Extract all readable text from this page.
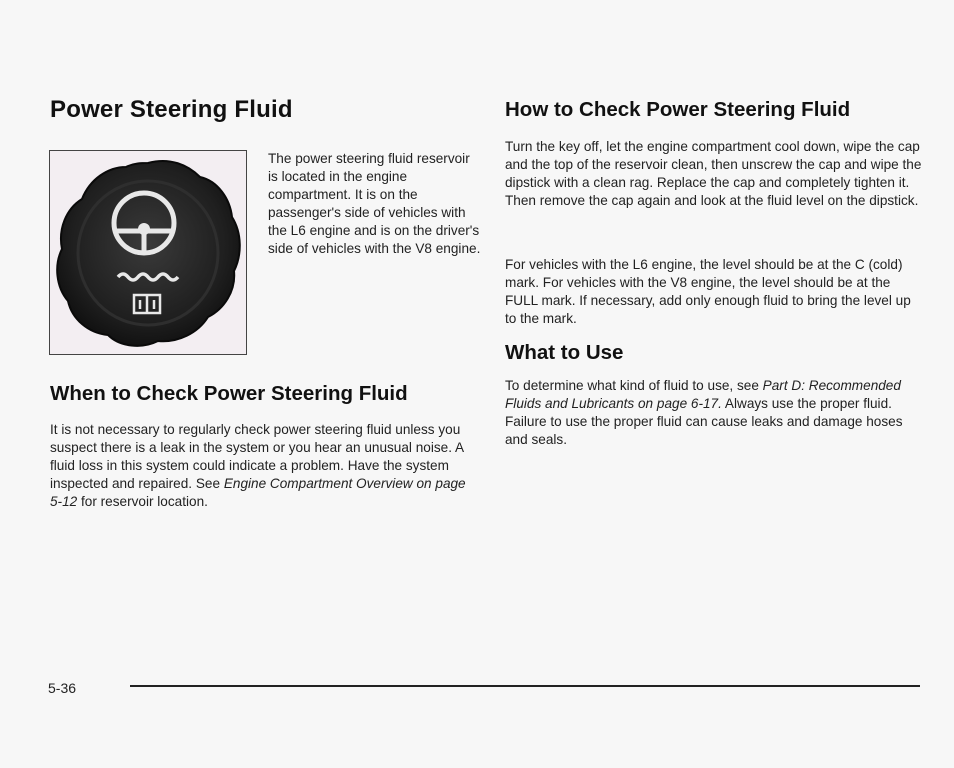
Power Steering Fluid

The power steering fluid reservoir is located in the engine compartment. It is on the passenger's side of vehicles with the L6 engine and is on the driver's side of vehicles with the V8 engine.

When to Check Power Steering Fluid

It is not necessary to regularly check power steering fluid unless you suspect there is a leak in the system or you hear an unusual noise. A fluid loss in this system could indicate a problem. Have the system inspected and repaired. See Engine Compartment Overview on page 5-12 for reservoir location.

How to Check Power Steering Fluid

Turn the key off, let the engine compartment cool down, wipe the cap and the top of the reservoir clean, then unscrew the cap and wipe the dipstick with a clean rag. Replace the cap and completely tighten it. Then remove the cap again and look at the fluid level on the dipstick.

For vehicles with the L6 engine, the level should be at the C (cold) mark. For vehicles with the V8 engine, the level should be at the FULL mark. If necessary, add only enough fluid to bring the level up to the mark.

What to Use

To determine what kind of fluid to use, see Part D: Recommended Fluids and Lubricants on page 6-17. Always use the proper fluid. Failure to use the proper fluid can cause leaks and damage hoses and seals.

5-36
